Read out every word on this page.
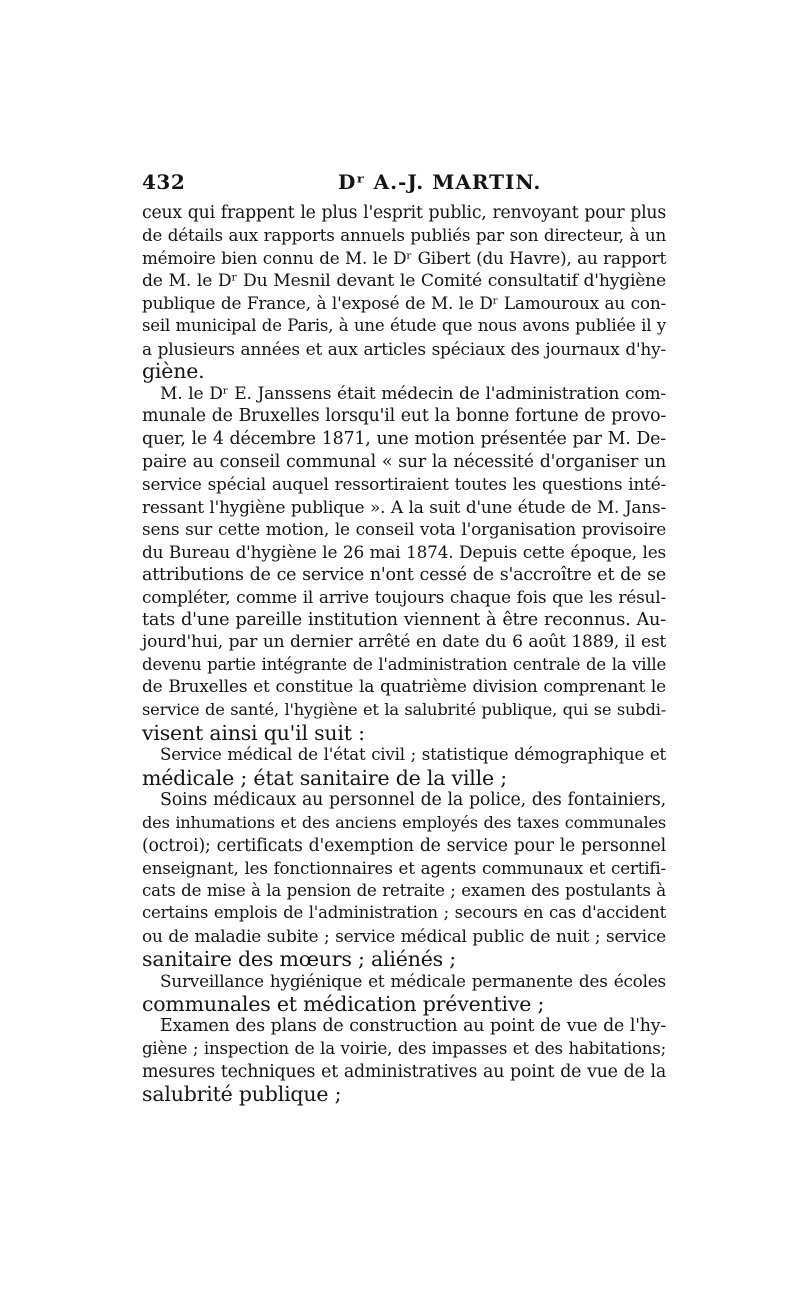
432	Dʳ A.-J. MARTIN.

ceux qui frappent le plus l'esprit public, renvoyant pour plus
de détails aux rapports annuels publiés par son directeur, à un
mémoire bien connu de M. le Dʳ Gibert (du Havre), au rapport
de M. le Dʳ Du Mesnil devant le Comité consultatif d'hygiène
publique de France, à l'exposé de M. le Dʳ Lamouroux au con-
seil municipal de Paris, à une étude que nous avons publiée il y
a plusieurs années et aux articles spéciaux des journaux d'hy-
giène.

M. le Dʳ E. Janssens était médecin de l'administration com-
munale de Bruxelles lorsqu'il eut la bonne fortune de provo-
quer, le 4 décembre 1871, une motion présentée par M. De-
paire au conseil communal « sur la nécessité d'organiser un
service spécial auquel ressortiraient toutes les questions inté-
ressant l'hygiène publique ». A la suit d'une étude de M. Jans-
sens sur cette motion, le conseil vota l'organisation provisoire
du Bureau d'hygiène le 26 mai 1874. Depuis cette époque, les
attributions de ce service n'ont cessé de s'accroître et de se
compléter, comme il arrive toujours chaque fois que les résul-
tats d'une pareille institution viennent à être reconnus. Au-
jourd'hui, par un dernier arrêté en date du 6 août 1889, il est
devenu partie intégrante de l'administration centrale de la ville
de Bruxelles et constitue la quatrième division comprenant le
service de santé, l'hygiène et la salubrité publique, qui se subdi-
visent ainsi qu'il suit :

Service médical de l'état civil ; statistique démographique et
médicale ; état sanitaire de la ville ;

Soins médicaux au personnel de la police, des fontainiers,
des inhumations et des anciens employés des taxes communales
(octroi); certificats d'exemption de service pour le personnel
enseignant, les fonctionnaires et agents communaux et certifi-
cats de mise à la pension de retraite ; examen des postulants à
certains emplois de l'administration ; secours en cas d'accident
ou de maladie subite ; service médical public de nuit ; service
sanitaire des mœurs ; aliénés ;

Surveillance hygiénique et médicale permanente des écoles
communales et médication préventive ;

Examen des plans de construction au point de vue de l'hy-
giène ; inspection de la voirie, des impasses et des habitations;
mesures techniques et administratives au point de vue de la
salubrité publique ;
